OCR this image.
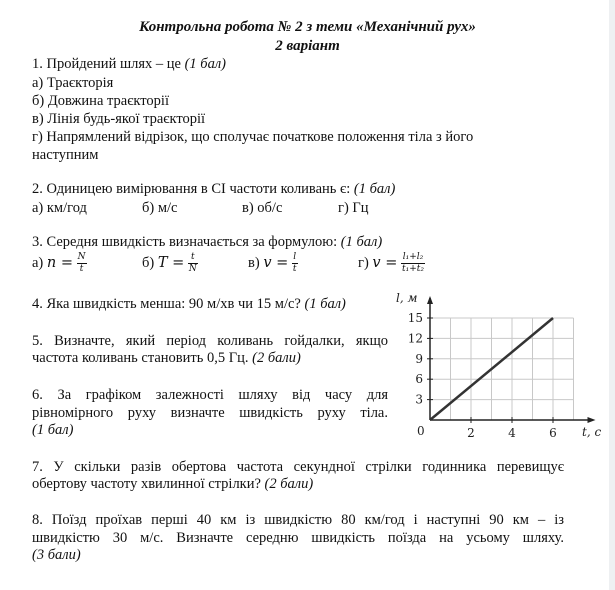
Контрольна робота № 2 з теми «Механічний рух»
2 варіант
1. Пройдений шлях – це (1 бал)
а) Траєкторія
б) Довжина траєкторії
в) Лінія будь-якої траєкторії
г) Напрямлений відрізок, що сполучає початкове положення тіла з його
наступним
2. Одиницею вимірювання в СІ частоти коливань є: (1 бал)
а) км/год	б) м/с	в) об/с	г) Гц
3. Середня швидкість визначається за формулою: (1 бал)
а) $n = \frac{N}{t}$	б) $T = \frac{t}{N}$	в) $v = \frac{l}{t}$	г) $v = \frac{\text{l₁+l₂}}{\text{t₁+t₂}}$
4. Яка швидкість менша: 90 м/хв чи 15 м/с? (1 бал)
5. Визначте, який період коливань гойдалки, якщо
частота коливань становить 0,5 Гц. (2 бали)
6. За графіком залежності шляху від часу для
рівномірного руху визначте швидкість руху тіла.
(1 бал)
7. У скільки разів обертова частота секундної стрілки годинника перевищує
обертову частоту хвилинної стрілки? (2 бали)
8. Поїзд проїхав перші 40 км із швидкістю 80 км/год і наступні 90 км – із
швидкістю 30 м/с. Визначте середню швидкість поїзда на усьому шляху.
(3 бали)
3
6
9
12
15
2	4	6
l, м
t, с
0
